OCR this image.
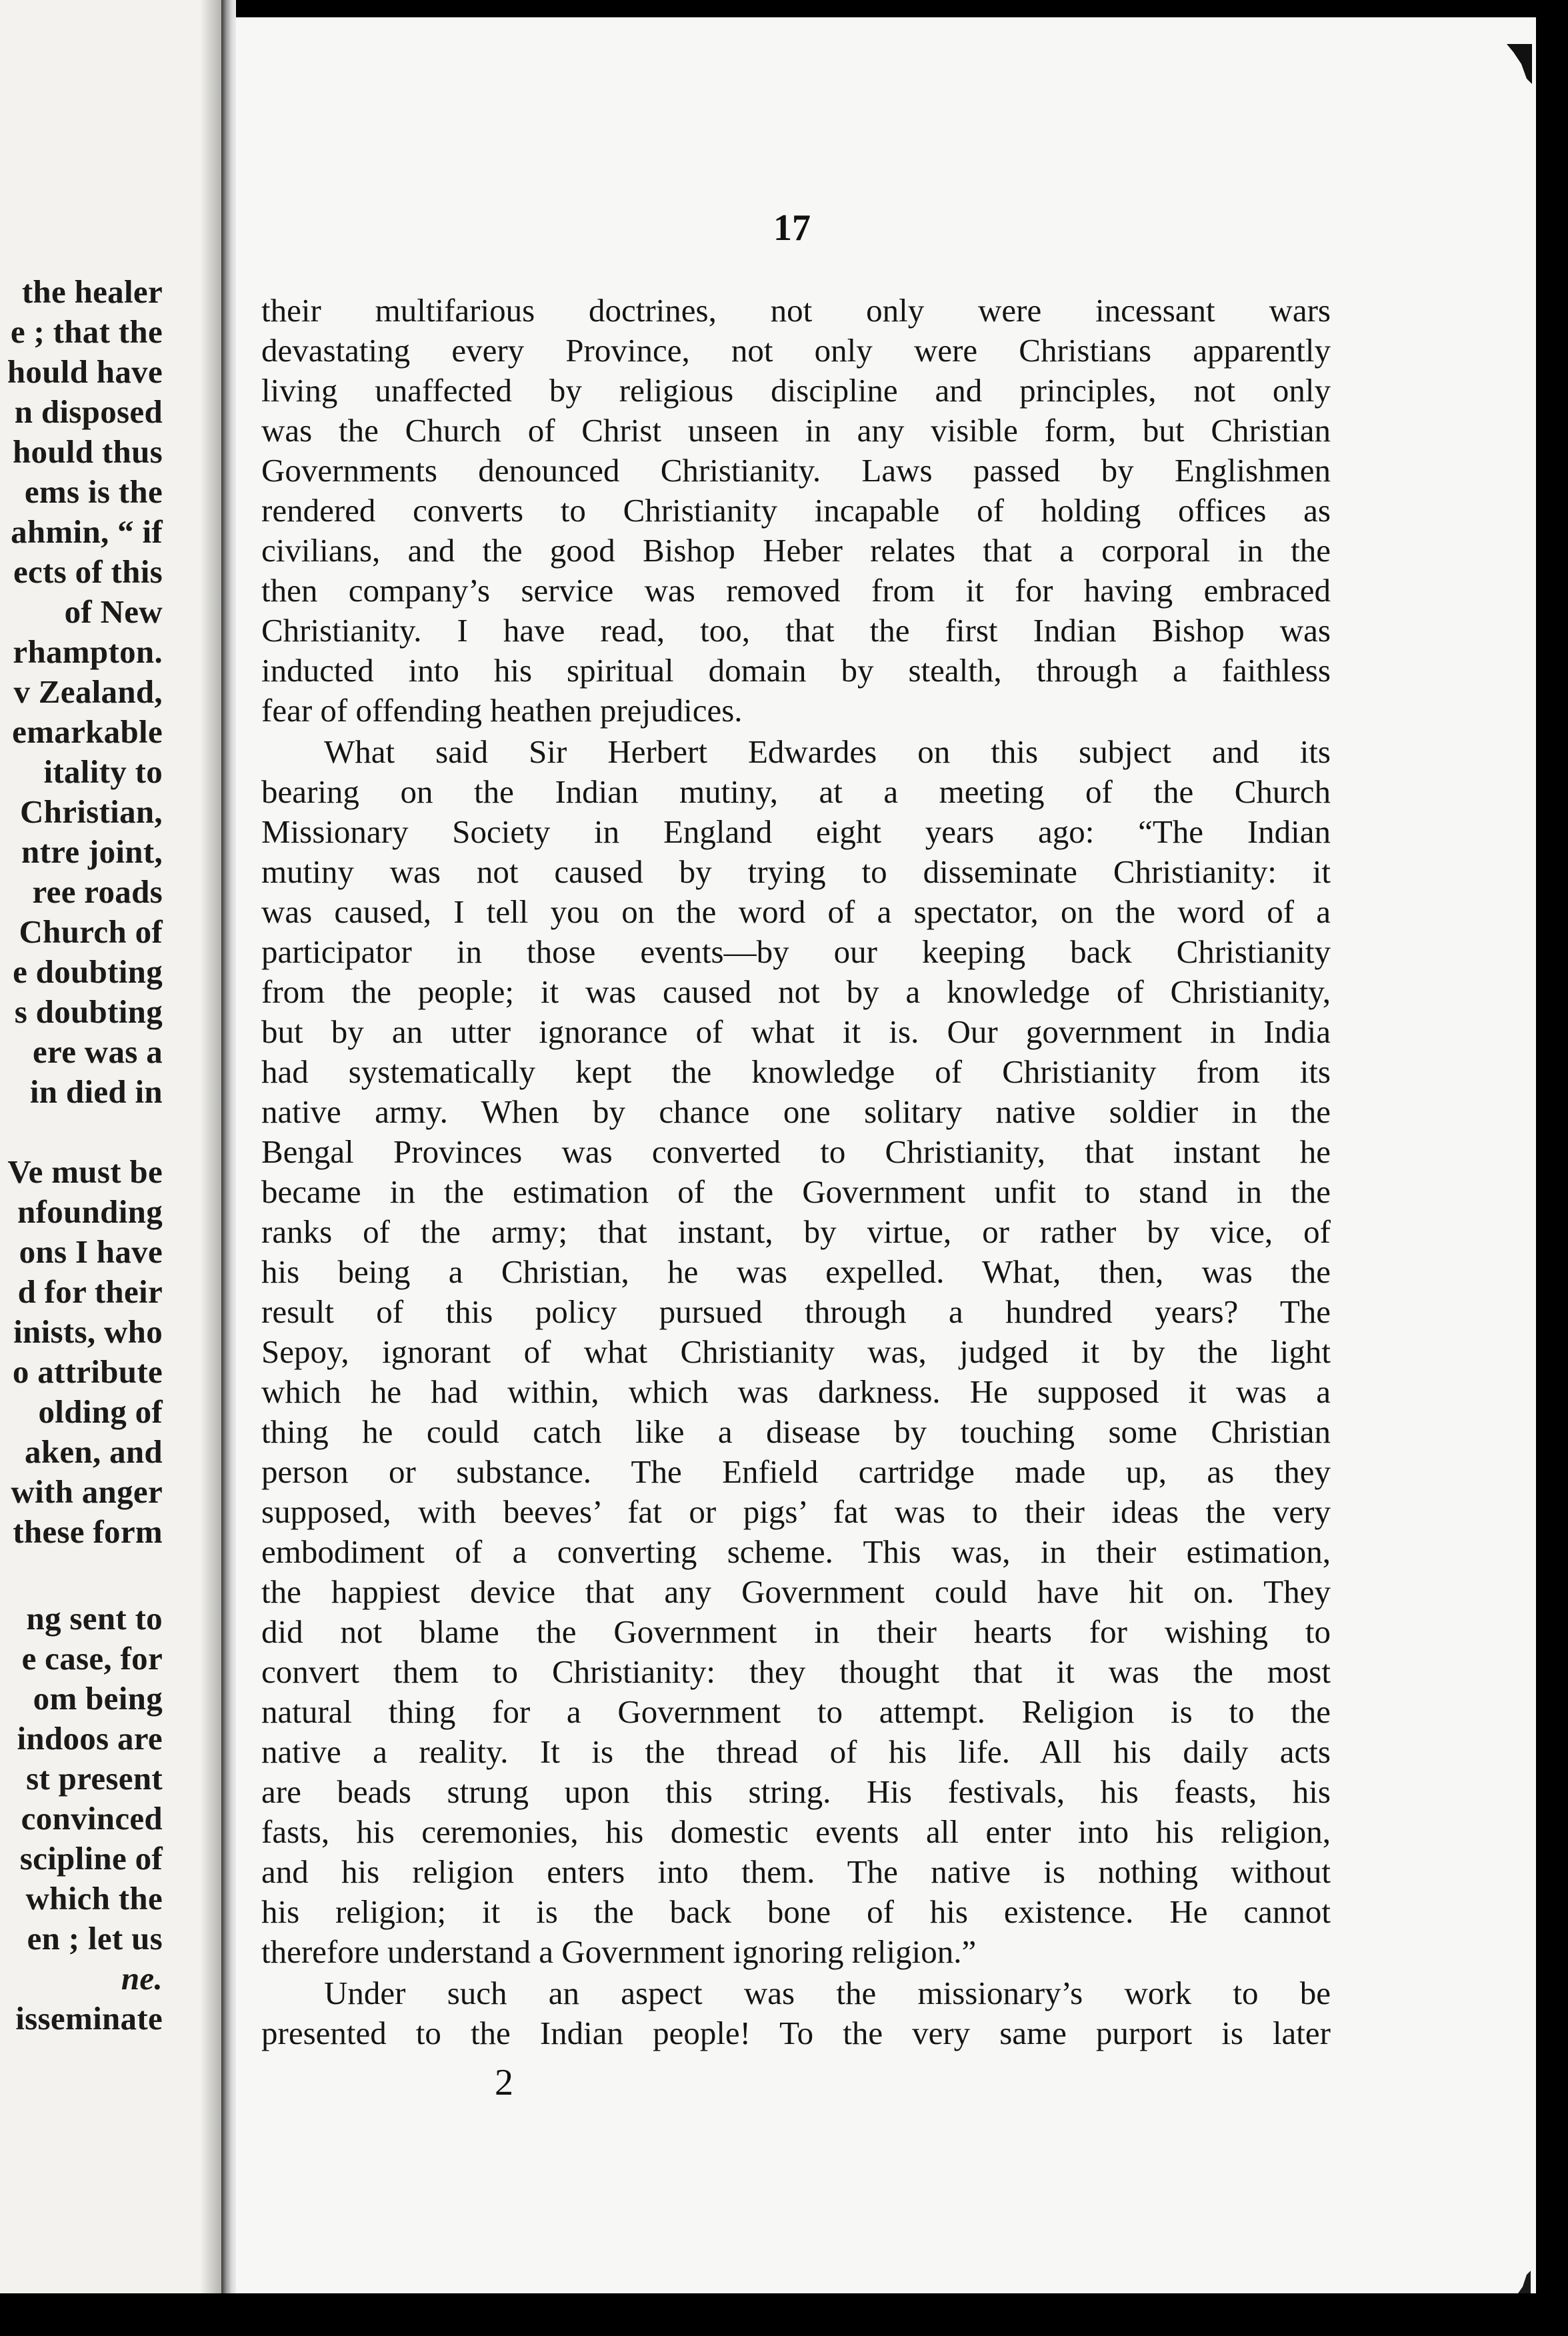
the healer
e ; that the
hould have
n disposed
hould thus
ems is the
ahmin, “ if
ects of this
of New
rhampton.
v Zealand,
emarkable
itality to
Christian,
ntre joint,
ree roads
Church of
e doubting
s doubting
ere was a
in died in
Ve must be
nfounding
ons I have
d for their
inists, who
o attribute
olding of
aken, and
with anger
these form
ng sent to
e case, for
om being
indoos are
st present
convinced
scipline of
which the
en ; let us
ne.
isseminate
17
their multifarious doctrines, not only were incessant wars
devastating every Province, not only were Christians apparently
living unaffected by religious discipline and principles, not only
was the Church of Christ unseen in any visible form, but Christian
Governments denounced Christianity. Laws passed by Englishmen
rendered converts to Christianity incapable of holding offices as
civilians, and the good Bishop Heber relates that a corporal in the
then company’s service was removed from it for having embraced
Christianity. I have read, too, that the first Indian Bishop was
inducted into his spiritual domain by stealth, through a faithless
fear of offending heathen prejudices.
What said Sir Herbert Edwardes on this subject and its
bearing on the Indian mutiny, at a meeting of the Church
Missionary Society in England eight years ago: “The Indian
mutiny was not caused by trying to disseminate Christianity: it
was caused, I tell you on the word of a spectator, on the word of a
participator in those events—by our keeping back Christianity
from the people; it was caused not by a knowledge of Christianity,
but by an utter ignorance of what it is. Our government in India
had systematically kept the knowledge of Christianity from its
native army. When by chance one solitary native soldier in the
Bengal Provinces was converted to Christianity, that instant he
became in the estimation of the Government unfit to stand in the
ranks of the army; that instant, by virtue, or rather by vice, of
his being a Christian, he was expelled. What, then, was the
result of this policy pursued through a hundred years? The
Sepoy, ignorant of what Christianity was, judged it by the light
which he had within, which was darkness. He supposed it was a
thing he could catch like a disease by touching some Christian
person or substance. The Enfield cartridge made up, as they
supposed, with beeves’ fat or pigs’ fat was to their ideas the very
embodiment of a converting scheme. This was, in their estimation,
the happiest device that any Government could have hit on. They
did not blame the Government in their hearts for wishing to
convert them to Christianity: they thought that it was the most
natural thing for a Government to attempt. Religion is to the
native a reality. It is the thread of his life. All his daily acts
are beads strung upon this string. His festivals, his feasts, his
fasts, his ceremonies, his domestic events all enter into his religion,
and his religion enters into them. The native is nothing without
his religion; it is the back bone of his existence. He cannot
therefore understand a Government ignoring religion.”
Under such an aspect was the missionary’s work to be
presented to the Indian people! To the very same purport is later
2
